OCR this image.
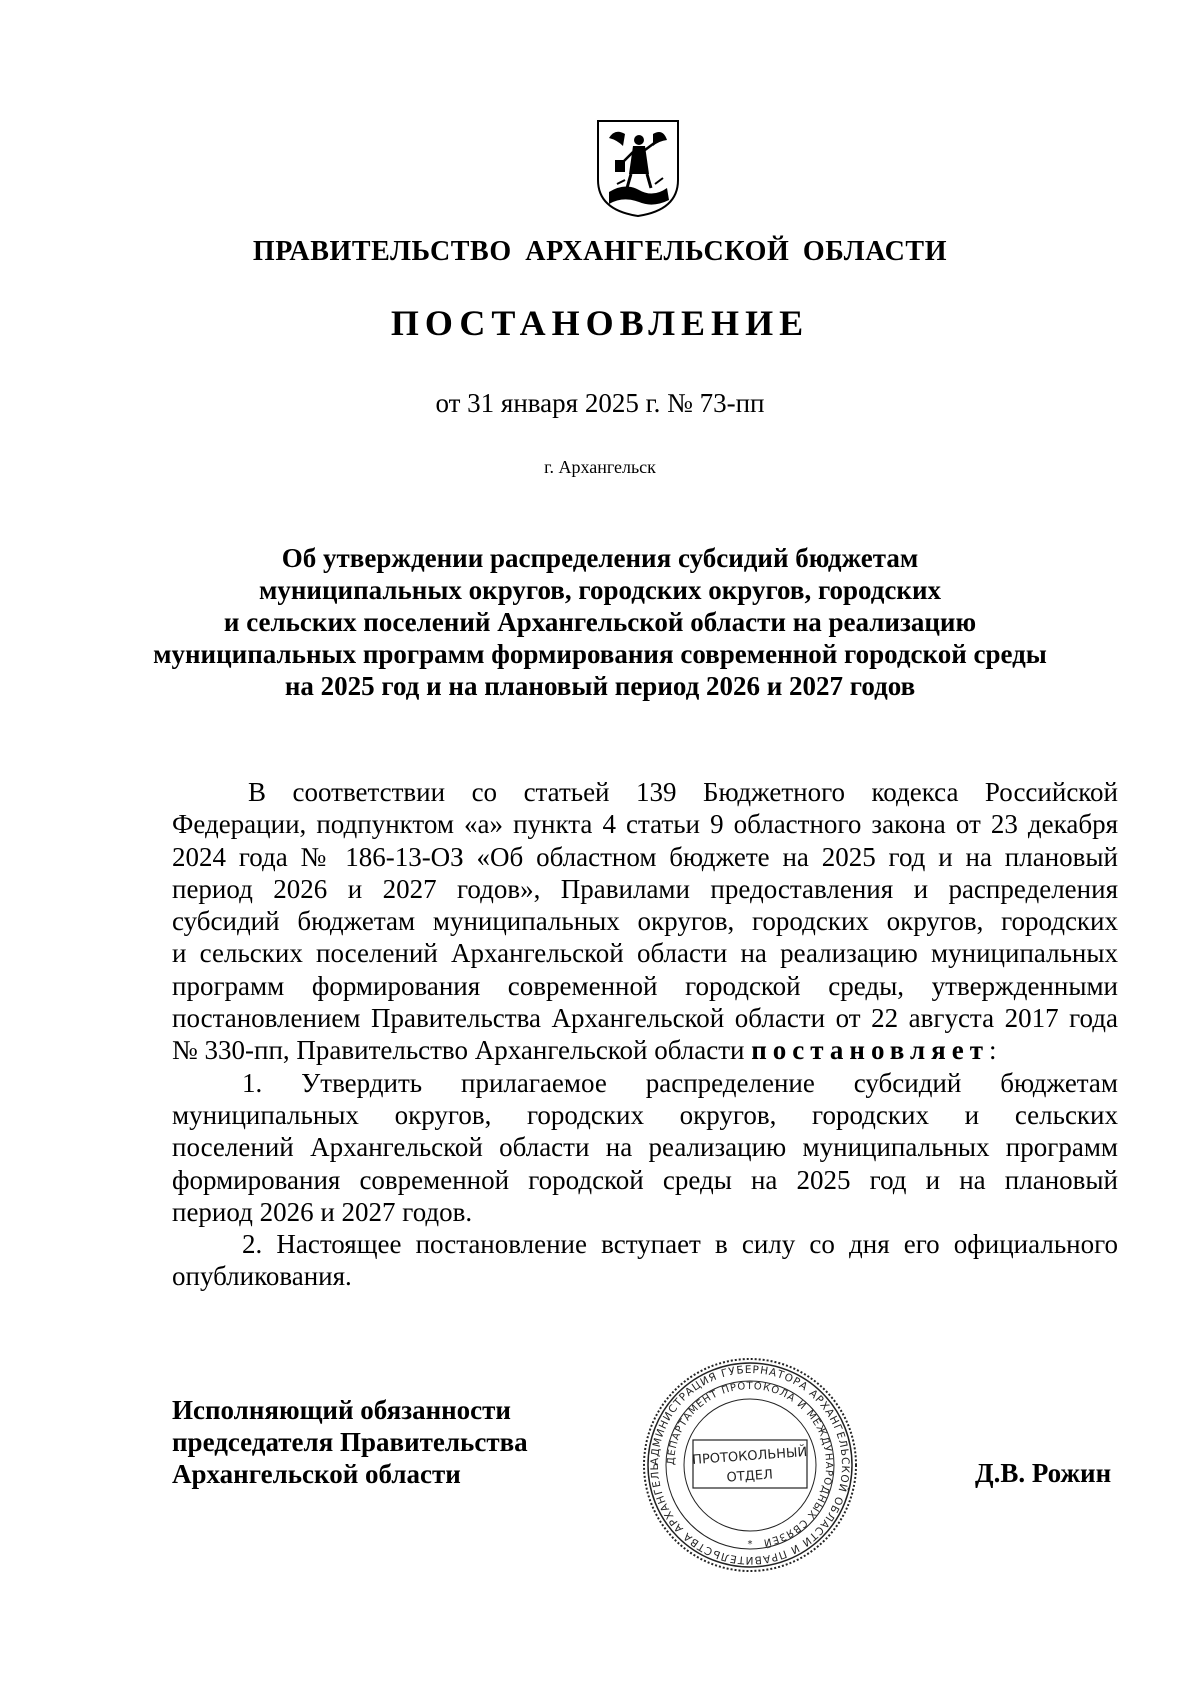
ПРАВИТЕЛЬСТВО АРХАНГЕЛЬСКОЙ ОБЛАСТИ
ПОСТАНОВЛЕНИЕ
от 31 января 2025 г. № 73-пп
г. Архангельск
Об утверждении распределения субсидий бюджетам
муниципальных округов, городских округов, городских
и сельских поселений Архангельской области на реализацию
муниципальных программ формирования современной городской среды
на 2025 год и на плановый период 2026 и 2027 годов
В соответствии со статьей 139 Бюджетного кодекса Российской
Федерации, подпунктом «а» пункта 4 статьи 9 областного закона от 23 декабря
2024 года № 186-13-ОЗ «Об областном бюджете на 2025 год и на плановый
период 2026 и 2027 годов», Правилами предоставления и распределения
субсидий бюджетам муниципальных округов, городских округов, городских
и сельских поселений Архангельской области на реализацию муниципальных
программ формирования современной городской среды, утвержденными
постановлением Правительства Архангельской области от 22 августа 2017 года
№ 330-пп, Правительство Архангельской области постановляет:
1. Утвердить прилагаемое распределение субсидий бюджетам
муниципальных округов, городских округов, городских и сельских
поселений Архангельской области на реализацию муниципальных программ
формирования современной городской среды на 2025 год и на плановый
период 2026 и 2027 годов.
2. Настоящее постановление вступает в силу со дня его официального
опубликования.
Исполняющий обязанности
председателя Правительства
Архангельской области	Д.В. Рожин
АДМИНИСТРАЦИЯ ГУБЕРНАТОРА АРХАНГЕЛЬСКОЙ ОБЛАСТИ И ПРАВИТЕЛЬСТВА АРХАНГЕЛЬ
ДЕПАРТАМЕНТ ПРОТОКОЛА И МЕЖДУНАРОДНЫХ СВЯЗЕЙ
ПРОТОКОЛЬНЫЙ
ОТДЕЛ
*
